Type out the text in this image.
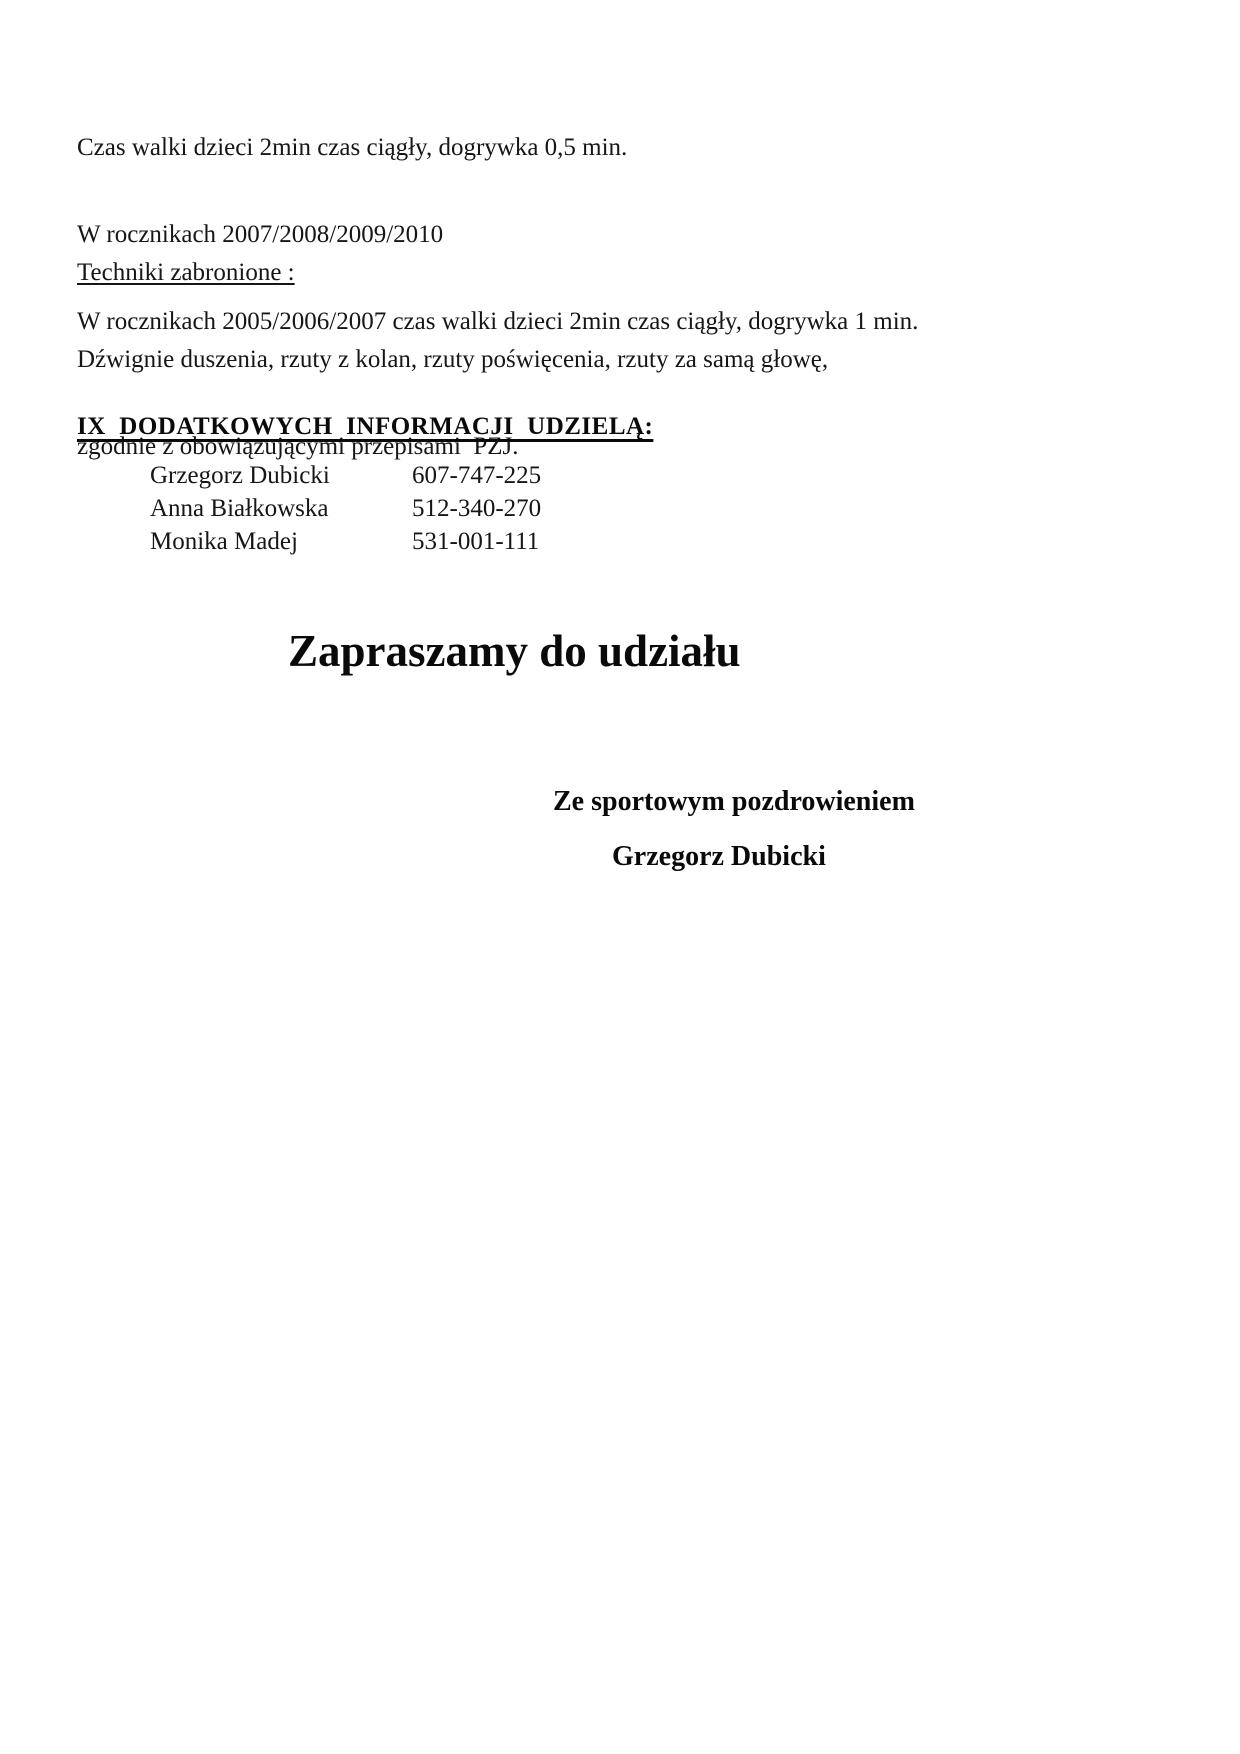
Czas walki dzieci 2min czas ciągły, dogrywka 0,5 min.

W rocznikach 2007/2008/2009/2010

W rocznikach 2005/2006/2007 czas walki dzieci 2min czas ciągły, dogrywka 1 min.

Techniki zabronione :

Dźwignie duszenia, rzuty z kolan, rzuty poświęcenia, rzuty za samą głowę,

zgodnie z obowiązującymi przepisami  PZJ.

IX  DODATKOWYCH  INFORMACJI  UDZIELĄ:
Grzegorz Dubicki	607-747-225
Anna Białkowska	512-340-270
Monika Madej	531-001-111
Zapraszamy do udziału
Ze sportowym pozdrowieniem
Grzegorz Dubicki
